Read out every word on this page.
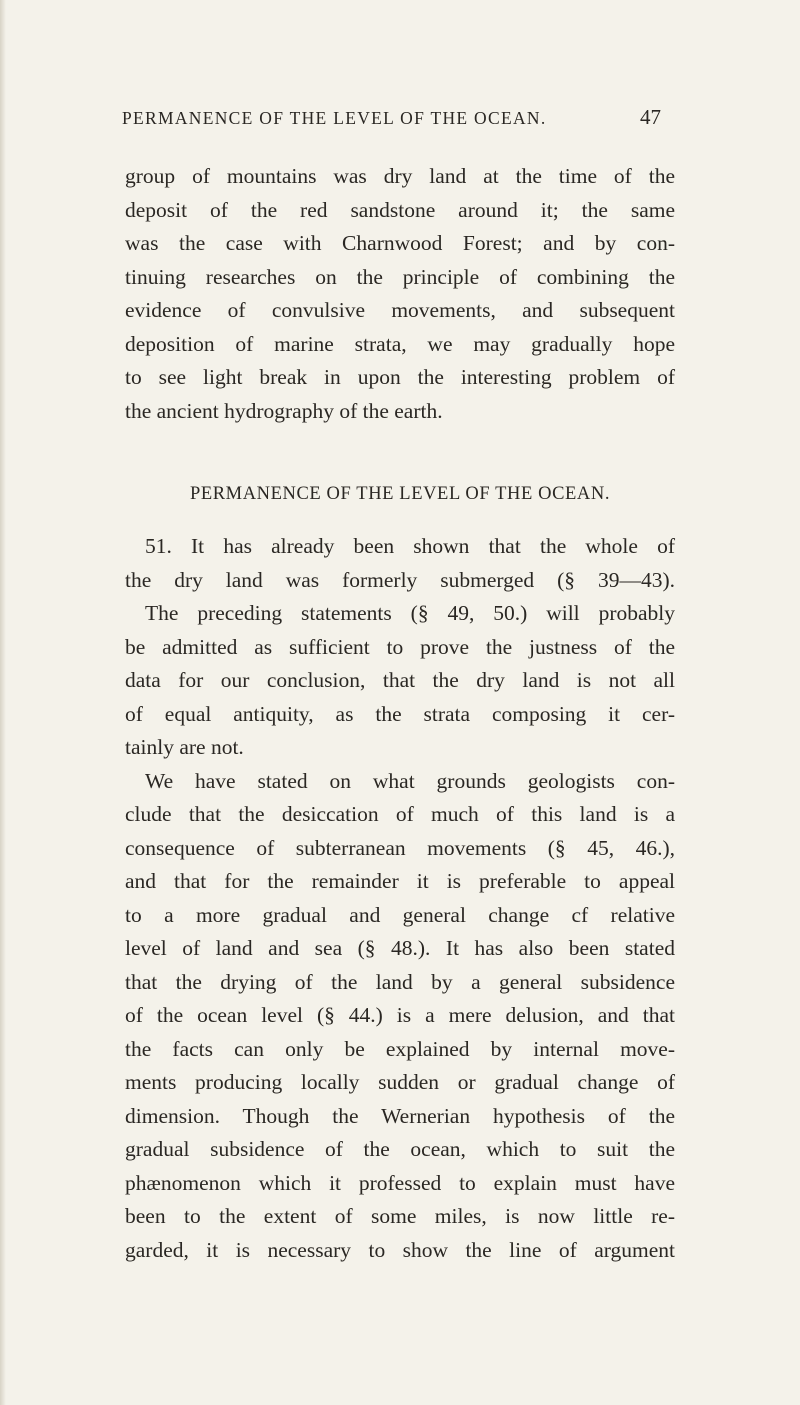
PERMANENCE OF THE LEVEL OF THE OCEAN.	47
group of mountains was dry land at the time of the
deposit of the red sandstone around it; the same
was the case with Charnwood Forest; and by con-
tinuing researches on the principle of combining the
evidence of convulsive movements, and subsequent
deposition of marine strata, we may gradually hope
to see light break in upon the interesting problem of
the ancient hydrography of the earth.
PERMANENCE OF THE LEVEL OF THE OCEAN.
51. It has already been shown that the whole of
the dry land was formerly submerged (§ 39—43).
The preceding statements (§ 49, 50.) will probably
be admitted as sufficient to prove the justness of the
data for our conclusion, that the dry land is not all
of equal antiquity, as the strata composing it cer-
tainly are not.
We have stated on what grounds geologists con-
clude that the desiccation of much of this land is a
consequence of subterranean movements (§ 45, 46.),
and that for the remainder it is preferable to appeal
to a more gradual and general change cf relative
level of land and sea (§ 48.). It has also been stated
that the drying of the land by a general subsidence
of the ocean level (§ 44.) is a mere delusion, and that
the facts can only be explained by internal move-
ments producing locally sudden or gradual change of
dimension. Though the Wernerian hypothesis of the
gradual subsidence of the ocean, which to suit the
phænomenon which it professed to explain must have
been to the extent of some miles, is now little re-
garded, it is necessary to show the line of argument
